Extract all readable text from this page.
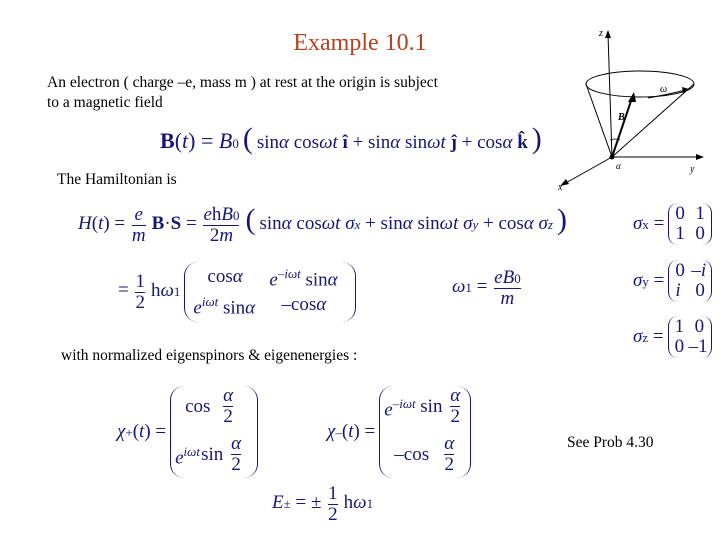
Example 10.1
An electron ( charge –e, mass m ) at rest at the origin is subject
to a magnetic field
B(t) = B0 ( sinα cosωt î + sinα sinωt ĵ + cosα k̂ )
The Hamiltonian is
$H(t) = \frac{e}{m} B\cdot S = \frac{\text{ehB0}}{2m}$ ( sinα cosωt σx + sinα sinωt σy + cosα σz )
= $\frac{1}{2} h\omega 1$
cosα $e^{-i\omega t}$ sinα
$e^{i\omega t}$ sinα –cosα
$\omega 1 = \frac{eB0}{m}$
with normalized eigenspinors & eigenenergies :
χ+(t) =
cos
α
2
$e^{i\omega t}$ sin
α
2
χ–(t) =
$e^{-i\omega t}$ sin
α
2
–cos
α
2
E± = ± $\frac{1}{2} h\omega 1$
See Prob 4.30
σx = 0 1
1 0
σy = 0 –i
i 0
σz = 1 0
0 –1
z
y
x
B
ω
α
